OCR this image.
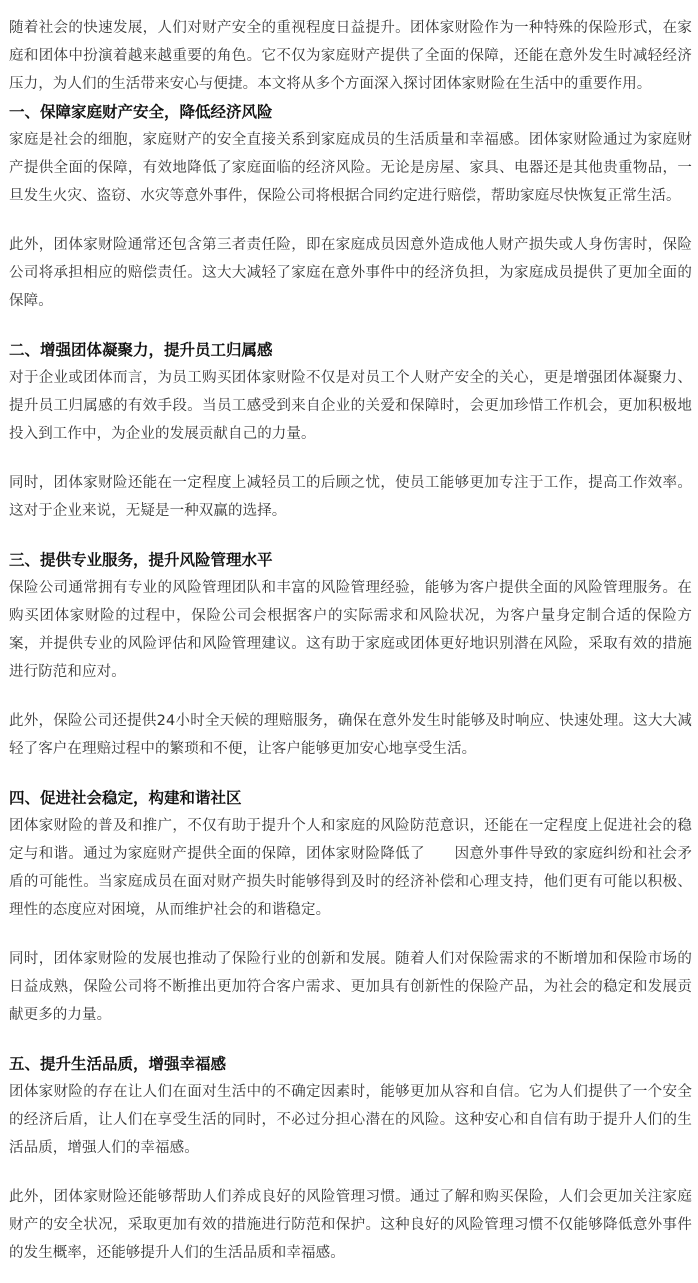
随着社会的快速发展，人们对财产安全的重视程度日益提升。团体家财险作为一种特殊的保险形式，在家庭和团体中扮演着越来越重要的角色。它不仅为家庭财产提供了全面的保障，还能在意外发生时减轻经济压力，为人们的生活带来安心与便捷。本文将从多个方面深入探讨团体家财险在生活中的重要作用。

一、保障家庭财产安全，降低经济风险

家庭是社会的细胞，家庭财产的安全直接关系到家庭成员的生活质量和幸福感。团体家财险通过为家庭财产提供全面的保障，有效地降低了家庭面临的经济风险。无论是房屋、家具、电器还是其他贵重物品，一旦发生火灾、盗窃、水灾等意外事件，保险公司将根据合同约定进行赔偿，帮助家庭尽快恢复正常生活。

此外，团体家财险通常还包含第三者责任险，即在家庭成员因意外造成他人财产损失或人身伤害时，保险公司将承担相应的赔偿责任。这大大减轻了家庭在意外事件中的经济负担，为家庭成员提供了更加全面的保障。

二、增强团体凝聚力，提升员工归属感

对于企业或团体而言，为员工购买团体家财险不仅是对员工个人财产安全的关心，更是增强团体凝聚力、提升员工归属感的有效手段。当员工感受到来自企业的关爱和保障时，会更加珍惜工作机会，更加积极地投入到工作中，为企业的发展贡献自己的力量。

同时，团体家财险还能在一定程度上减轻员工的后顾之忧，使员工能够更加专注于工作，提高工作效率。这对于企业来说，无疑是一种双赢的选择。

三、提供专业服务，提升风险管理水平

保险公司通常拥有专业的风险管理团队和丰富的风险管理经验，能够为客户提供全面的风险管理服务。在购买团体家财险的过程中，保险公司会根据客户的实际需求和风险状况，为客户量身定制合适的保险方案，并提供专业的风险评估和风险管理建议。这有助于家庭或团体更好地识别潜在风险，采取有效的措施进行防范和应对。

此外，保险公司还提供24小时全天候的理赔服务，确保在意外发生时能够及时响应、快速处理。这大大减轻了客户在理赔过程中的繁琐和不便，让客户能够更加安心地享受生活。

四、促进社会稳定，构建和谐社区

团体家财险的普及和推广，不仅有助于提升个人和家庭的风险防范意识，还能在一定程度上促进社会的稳定与和谐。通过为家庭财产提供全面的保障，团体家财险降低了　　因意外事件导致的家庭纠纷和社会矛盾的可能性。当家庭成员在面对财产损失时能够得到及时的经济补偿和心理支持，他们更有可能以积极、理性的态度应对困境，从而维护社会的和谐稳定。

同时，团体家财险的发展也推动了保险行业的创新和发展。随着人们对保险需求的不断增加和保险市场的日益成熟，保险公司将不断推出更加符合客户需求、更加具有创新性的保险产品，为社会的稳定和发展贡献更多的力量。

五、提升生活品质，增强幸福感

团体家财险的存在让人们在面对生活中的不确定因素时，能够更加从容和自信。它为人们提供了一个安全的经济后盾，让人们在享受生活的同时，不必过分担心潜在的风险。这种安心和自信有助于提升人们的生活品质，增强人们的幸福感。

此外，团体家财险还能够帮助人们养成良好的风险管理习惯。通过了解和购买保险，人们会更加关注家庭财产的安全状况，采取更加有效的措施进行防范和保护。这种良好的风险管理习惯不仅能够降低意外事件的发生概率，还能够提升人们的生活品质和幸福感。
